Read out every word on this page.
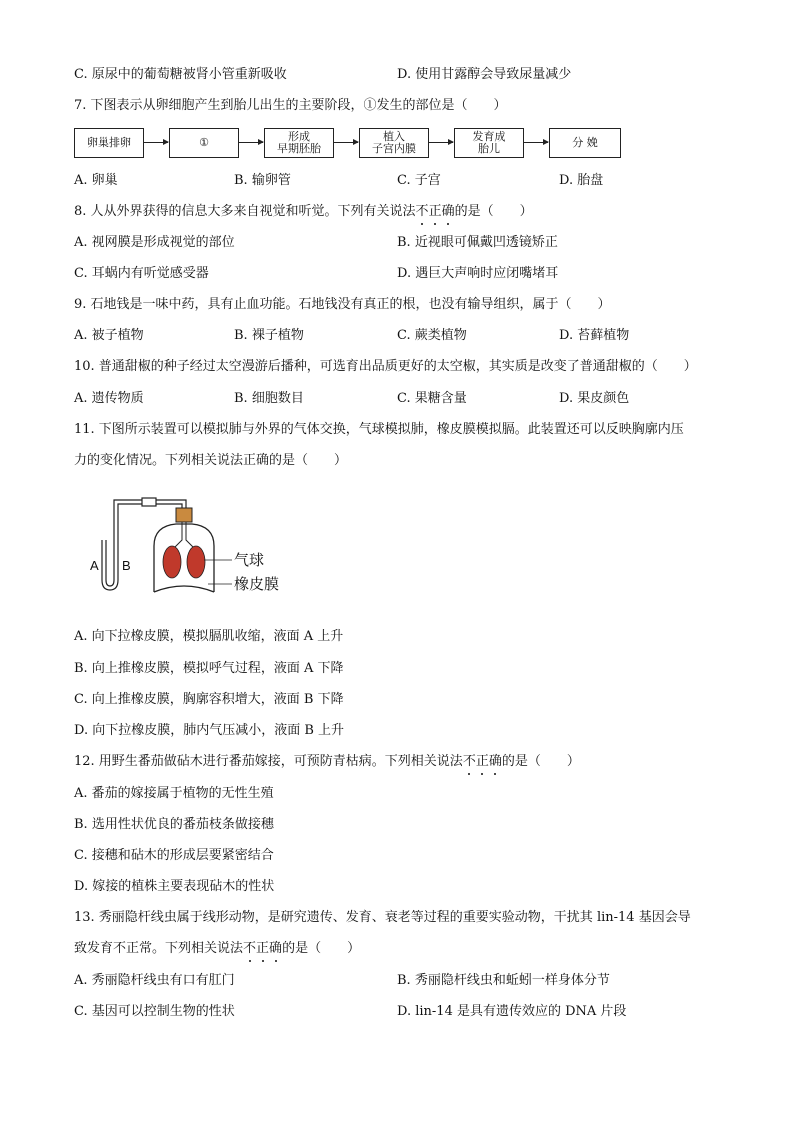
C. 原尿中的葡萄糖被肾小管重新吸收	D. 使用甘露醇会导致尿量减少
7. 下图表示从卵细胞产生到胎儿出生的主要阶段，①发生的部位是（　　）
卵巢排卵	①	形成
早期胚胎
植入
子宫内膜
发育成
胎儿	分 娩
A. 卵巢	B. 输卵管	C. 子宫	D. 胎盘
8. 人从外界获得的信息大多来自视觉和听觉。下列有关说法不正确的是（　　）
A. 视网膜是形成视觉的部位	B. 近视眼可佩戴凹透镜矫正
C. 耳蜗内有听觉感受器	D. 遇巨大声响时应闭嘴堵耳
9. 石地钱是一味中药，具有止血功能。石地钱没有真正的根，也没有输导组织，属于（　　）
A. 被子植物	B. 裸子植物	C. 蕨类植物	D. 苔藓植物
10. 普通甜椒的种子经过太空漫游后播种，可选育出品质更好的太空椒，其实质是改变了普通甜椒的（　　）
A. 遗传物质	B. 细胞数目	C. 果糖含量	D. 果皮颜色
11. 下图所示装置可以模拟肺与外界的气体交换，气球模拟肺，橡皮膜模拟膈。此装置还可以反映胸廓内压
力的变化情况。下列相关说法正确的是（　　）
A B	气球
橡皮膜
A. 向下拉橡皮膜，模拟膈肌收缩，液面 A 上升
B. 向上推橡皮膜，模拟呼气过程，液面 A 下降
C. 向上推橡皮膜，胸廓容积增大，液面 B 下降
D. 向下拉橡皮膜，肺内气压减小，液面 B 上升
12. 用野生番茄做砧木进行番茄嫁接，可预防青枯病。下列相关说法不正确的是（　　）
A. 番茄的嫁接属于植物的无性生殖
B. 选用性状优良的番茄枝条做接穗
C. 接穗和砧木的形成层要紧密结合
D. 嫁接的植株主要表现砧木的性状
13. 秀丽隐杆线虫属于线形动物，是研究遗传、发育、衰老等过程的重要实验动物，干扰其 lin-14 基因会导
致发育不正常。下列相关说法不正确的是（　　）
A. 秀丽隐杆线虫有口有肛门	B. 秀丽隐杆线虫和蚯蚓一样身体分节
C. 基因可以控制生物的性状	D. lin-14 是具有遗传效应的 DNA 片段
